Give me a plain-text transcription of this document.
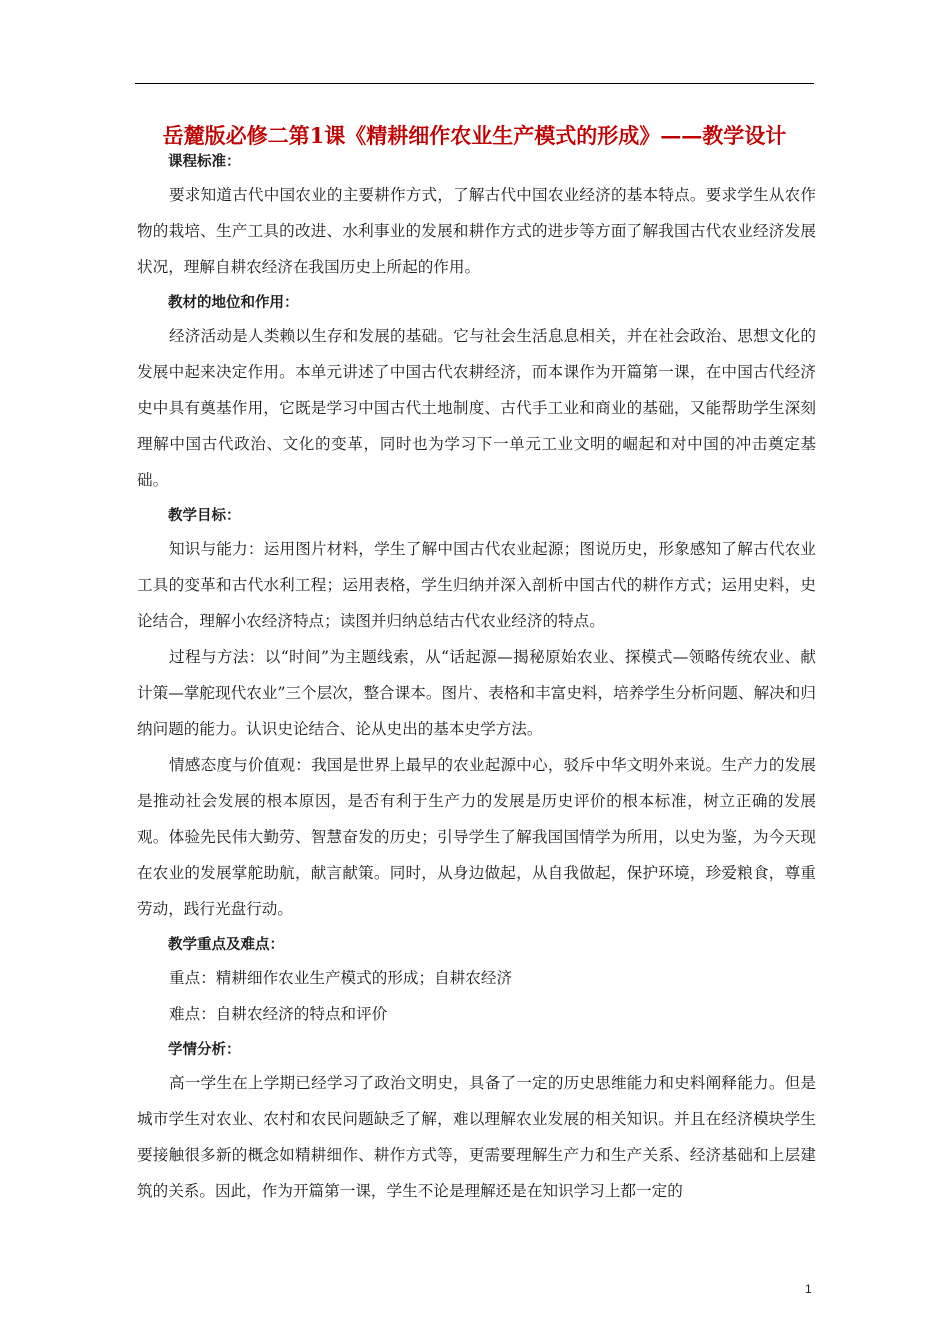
岳麓版必修二第1课《精耕细作农业生产模式的形成》——教学设计

课程标准：

要求知道古代中国农业的主要耕作方式，了解古代中国农业经济的基本特点。要求学生从农作物的栽培、生产工具的改进、水利事业的发展和耕作方式的进步等方面了解我国古代农业经济发展状况，理解自耕农经济在我国历史上所起的作用。

教材的地位和作用：

经济活动是人类赖以生存和发展的基础。它与社会生活息息相关，并在社会政治、思想文化的发展中起来决定作用。本单元讲述了中国古代农耕经济，而本课作为开篇第一课，在中国古代经济史中具有奠基作用，它既是学习中国古代土地制度、古代手工业和商业的基础，又能帮助学生深刻理解中国古代政治、文化的变革，同时也为学习下一单元工业文明的崛起和对中国的冲击奠定基础。

教学目标：

知识与能力：运用图片材料，学生了解中国古代农业起源；图说历史，形象感知了解古代农业工具的变革和古代水利工程；运用表格，学生归纳并深入剖析中国古代的耕作方式；运用史料，史论结合，理解小农经济特点；读图并归纳总结古代农业经济的特点。

过程与方法：以“时间”为主题线索，从“话起源—揭秘原始农业、探模式—领略传统农业、献计策—掌舵现代农业”三个层次，整合课本。图片、表格和丰富史料，培养学生分析问题、解决和归纳问题的能力。认识史论结合、论从史出的基本史学方法。

情感态度与价值观：我国是世界上最早的农业起源中心，驳斥中华文明外来说。生产力的发展是推动社会发展的根本原因，是否有利于生产力的发展是历史评价的根本标准，树立正确的发展观。体验先民伟大勤劳、智慧奋发的历史；引导学生了解我国国情学为所用，以史为鉴，为今天现在农业的发展掌舵助航，献言献策。同时，从身边做起，从自我做起，保护环境，珍爱粮食，尊重劳动，践行光盘行动。

教学重点及难点：

重点：精耕细作农业生产模式的形成；自耕农经济

难点：自耕农经济的特点和评价

学情分析：

高一学生在上学期已经学习了政治文明史，具备了一定的历史思维能力和史料阐释能力。但是城市学生对农业、农村和农民问题缺乏了解，难以理解农业发展的相关知识。并且在经济模块学生要接触很多新的概念如精耕细作、耕作方式等，更需要理解生产力和生产关系、经济基础和上层建筑的关系。因此，作为开篇第一课，学生不论是理解还是在知识学习上都一定的

1
